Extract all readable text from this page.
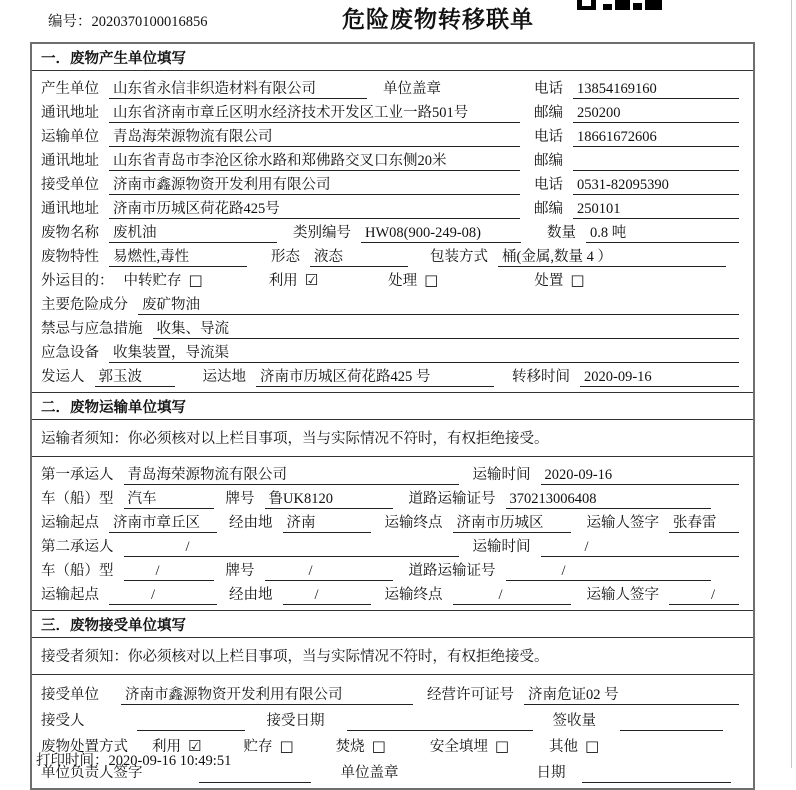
编号：2020370100016856	危险废物转移联单
一．废物产生单位填写
产生单位 山东省永信非织造材料有限公司	单位盖章	电话 13854169160
通讯地址 山东省济南市章丘区明水经济技术开发区工业一路501号	邮编 250200
运输单位 青岛海荣源物流有限公司	电话 18661672606
通讯地址 山东省青岛市李沧区徐水路和郑佛路交叉口东侧20米	邮编
接受单位 济南市鑫源物资开发利用有限公司	电话 0531-82095390
通讯地址 济南市历城区荷花路425号	邮编 250101
废物名称 废机油	类别编号 HW08(900-249-08)	数量 0.8 吨
废物特性 易燃性,毒性	形态 液态	包装方式 桶(金属,数量 4 ）
外运目的： 中转贮存 □	利用 ☑	处理 □	处置 □
主要危险成分 废矿物油
禁忌与应急措施 收集、导流
应急设备 收集装置，导流渠
发运人 郭玉波	运达地 济南市历城区荷花路425 号	转移时间 2020-09-16
二．废物运输单位填写
运输者须知：你必须核对以上栏目事项，当与实际情况不符时，有权拒绝接受。
第一承运人 青岛海荣源物流有限公司	运输时间 2020-09-16
车（船）型 汽车	牌号 鲁UK8120	道路运输证号 370213006408
运输起点 济南市章丘区	经由地 济南	运输终点 济南市历城区	运输人签字 张春雷
第二承运人	/	运输时间	/
车（船）型	/	牌号	/	道路运输证号	/
运输起点	/	经由地	/	运输终点	/	运输人签字	/
三．废物接受单位填写
接受者须知：你必须核对以上栏目事项，当与实际情况不符时，有权拒绝接受。
接受单位 济南市鑫源物资开发利用有限公司	经营许可证号 济南危证02 号
接受人	接受日期	签收量
废物处置方式 利用 ☑	贮存 □	焚烧 □	安全填埋 □	其他 □
单位负责人签字	单位盖章	日期
打印时间：2020-09-16 10:49:51
